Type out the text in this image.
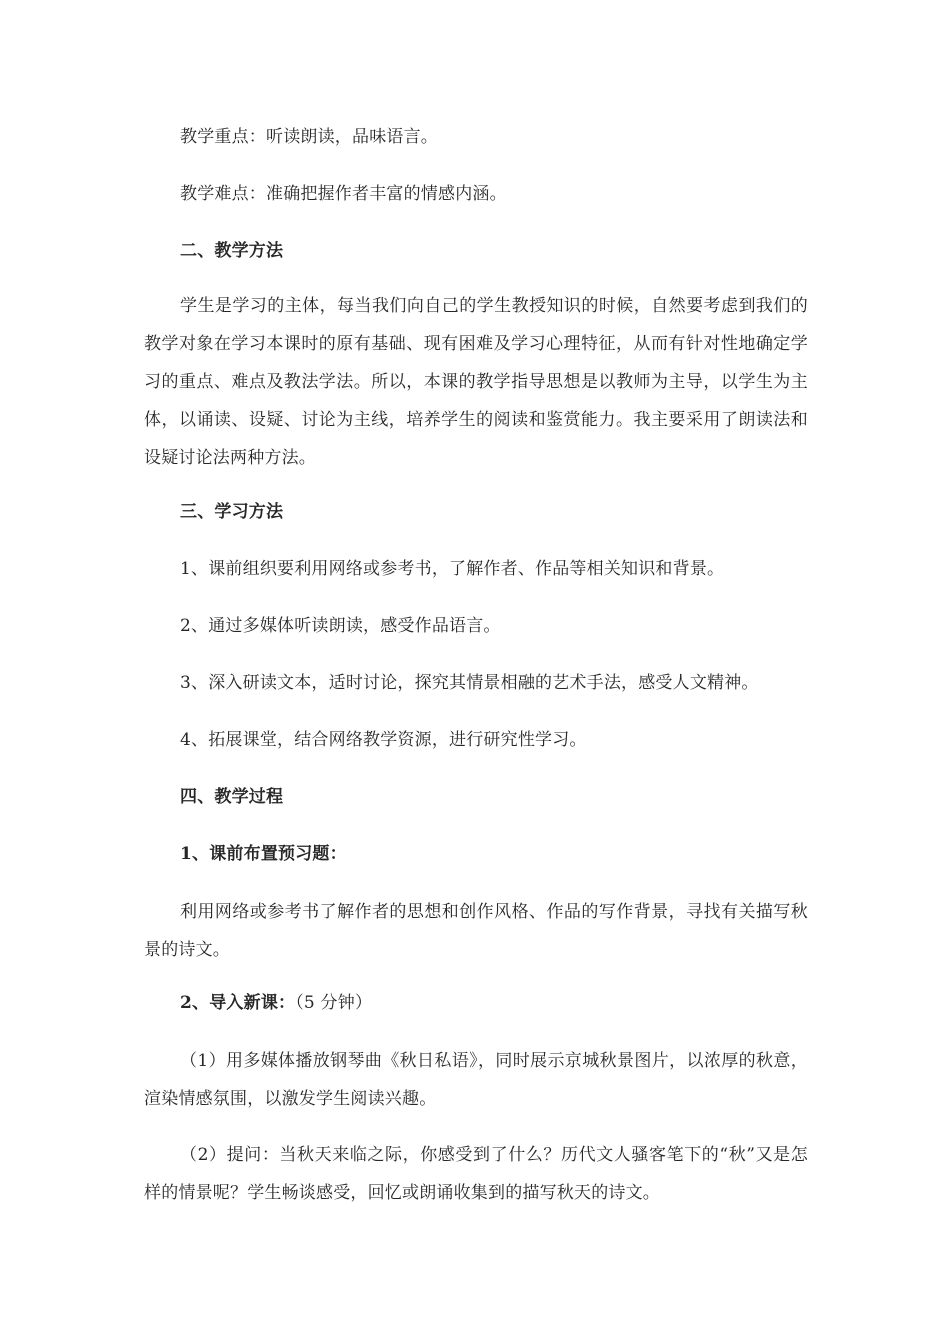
教学重点：听读朗读，品味语言。

教学难点：准确把握作者丰富的情感内涵。

二、教学方法

学生是学习的主体，每当我们向自己的学生教授知识的时候，自然要考虑到我们的教学对象在学习本课时的原有基础、现有困难及学习心理特征，从而有针对性地确定学习的重点、难点及教法学法。所以，本课的教学指导思想是以教师为主导，以学生为主体，以诵读、设疑、讨论为主线，培养学生的阅读和鉴赏能力。我主要采用了朗读法和设疑讨论法两种方法。

三、学习方法

1、课前组织要利用网络或参考书，了解作者、作品等相关知识和背景。

2、通过多媒体听读朗读，感受作品语言。

3、深入研读文本，适时讨论，探究其情景相融的艺术手法，感受人文精神。

4、拓展课堂，结合网络教学资源，进行研究性学习。

四、教学过程

1、课前布置预习题：

利用网络或参考书了解作者的思想和创作风格、作品的写作背景，寻找有关描写秋景的诗文。

2、导入新课：（5 分钟）

（1）用多媒体播放钢琴曲《秋日私语》，同时展示京城秋景图片，以浓厚的秋意，渲染情感氛围，以激发学生阅读兴趣。

（2）提问：当秋天来临之际，你感受到了什么？历代文人骚客笔下的“秋”又是怎样的情景呢？学生畅谈感受，回忆或朗诵收集到的描写秋天的诗文。
